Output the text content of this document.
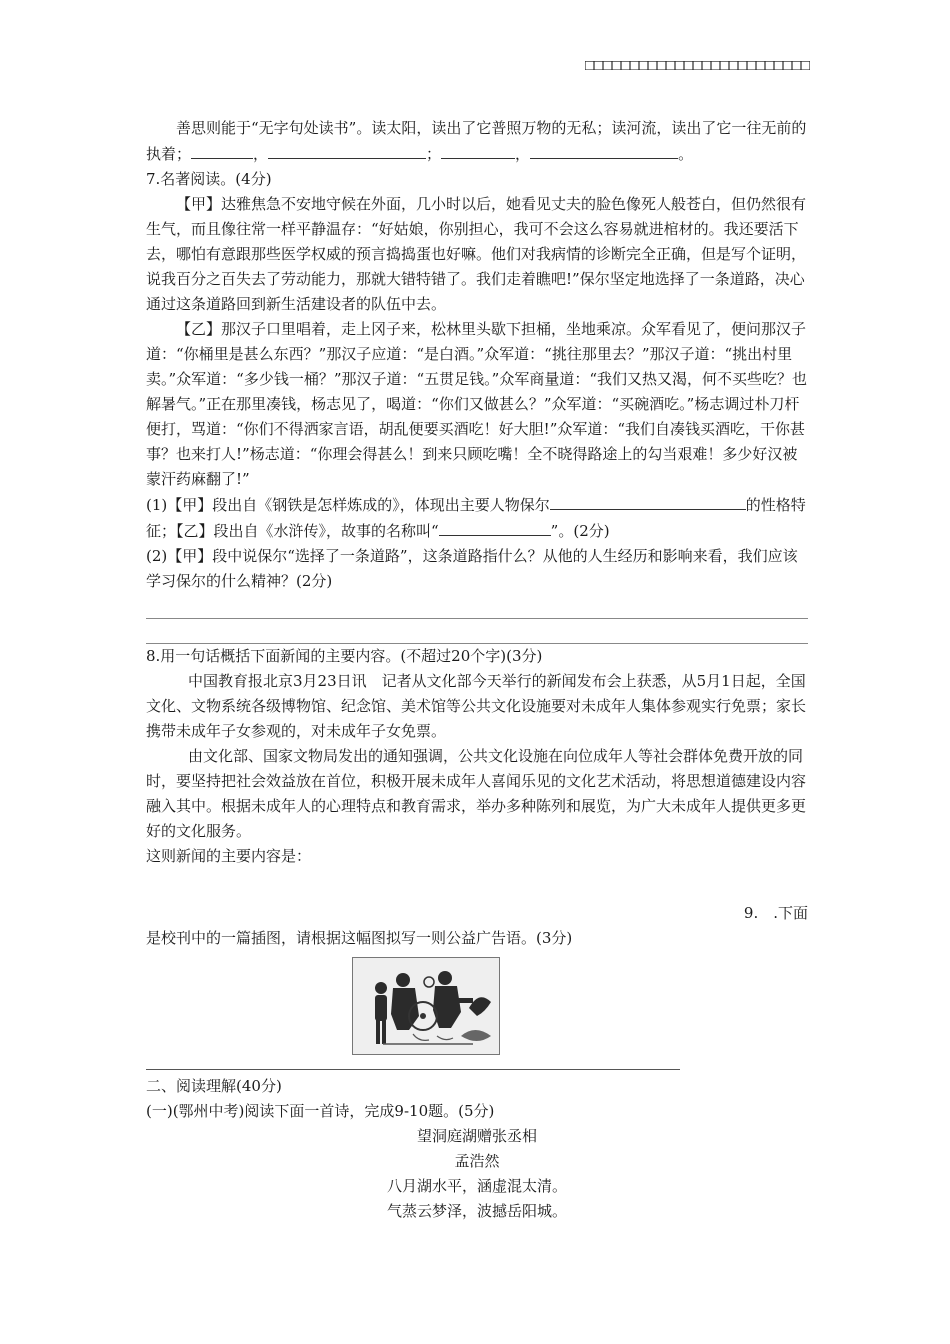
□□□□□□□□□□□□□□□□□□□□□□□□□

善思则能于“无字句处读书”。读太阳，读出了它普照万物的无私；读河流，读出了它一往无前的执着；	，	；	，	。

7.名著阅读。(4分)

【甲】达雅焦急不安地守候在外面，几小时以后，她看见丈夫的脸色像死人般苍白，但仍然很有生气，而且像往常一样平静温存：“好姑娘，你别担心，我可不会这么容易就进棺材的。我还要活下去，哪怕有意跟那些医学权威的预言捣捣蛋也好嘛。他们对我病情的诊断完全正确，但是写个证明，说我百分之百失去了劳动能力，那就大错特错了。我们走着瞧吧!”保尔坚定地选择了一条道路，决心通过这条道路回到新生活建设者的队伍中去。

【乙】那汉子口里唱着，走上冈子来，松林里头歇下担桶，坐地乘凉。众军看见了，便问那汉子道：“你桶里是甚么东西？”那汉子应道：“是白酒。”众军道：“挑往那里去？”那汉子道：“挑出村里卖。”众军道：“多少钱一桶？”那汉子道：“五贯足钱。”众军商量道：“我们又热又渴，何不买些吃？也解暑气。”正在那里凑钱，杨志见了，喝道：“你们又做甚么？”众军道：“买碗酒吃。”杨志调过朴刀杆便打，骂道：“你们不得洒家言语，胡乱便要买酒吃！好大胆!”众军道：“我们自凑钱买酒吃，干你甚事？也来打人!”杨志道：“你理会得甚么！到来只顾吃嘴！全不晓得路途上的勾当艰难！多少好汉被蒙汗药麻翻了!”

(1)【甲】段出自《钢铁是怎样炼成的》，体现出主要人物保尔	的性格特征；【乙】段出自《水浒传》，故事的名称叫“	”。(2分)

(2)【甲】段中说保尔“选择了一条道路”，这条道路指什么？从他的人生经历和影响来看，我们应该学习保尔的什么精神？(2分)

8.用一句话概括下面新闻的主要内容。(不超过20个字)(3分)

中国教育报北京3月23日讯　记者从文化部今天举行的新闻发布会上获悉，从5月1日起，全国文化、文物系统各级博物馆、纪念馆、美术馆等公共文化设施要对未成年人集体参观实行免票；家长携带未成年子女参观的，对未成年子女免票。

由文化部、国家文物局发出的通知强调，公共文化设施在向位成年人等社会群体免费开放的同时，要坚持把社会效益放在首位，积极开展未成年人喜闻乐见的文化艺术活动，将思想道德建设内容融入其中。根据未成年人的心理特点和教育需求，举办多种陈列和展览，为广大未成年人提供更多更好的文化服务。

这则新闻的主要内容是：

9.　.下面

是校刊中的一篇插图，请根据这幅图拟写一则公益广告语。(3分)

二、阅读理解(40分)

(一)(鄂州中考)阅读下面一首诗，完成9-10题。(5分)

望洞庭湖赠张丞相

孟浩然

八月湖水平，涵虚混太清。

气蒸云梦泽，波撼岳阳城。
